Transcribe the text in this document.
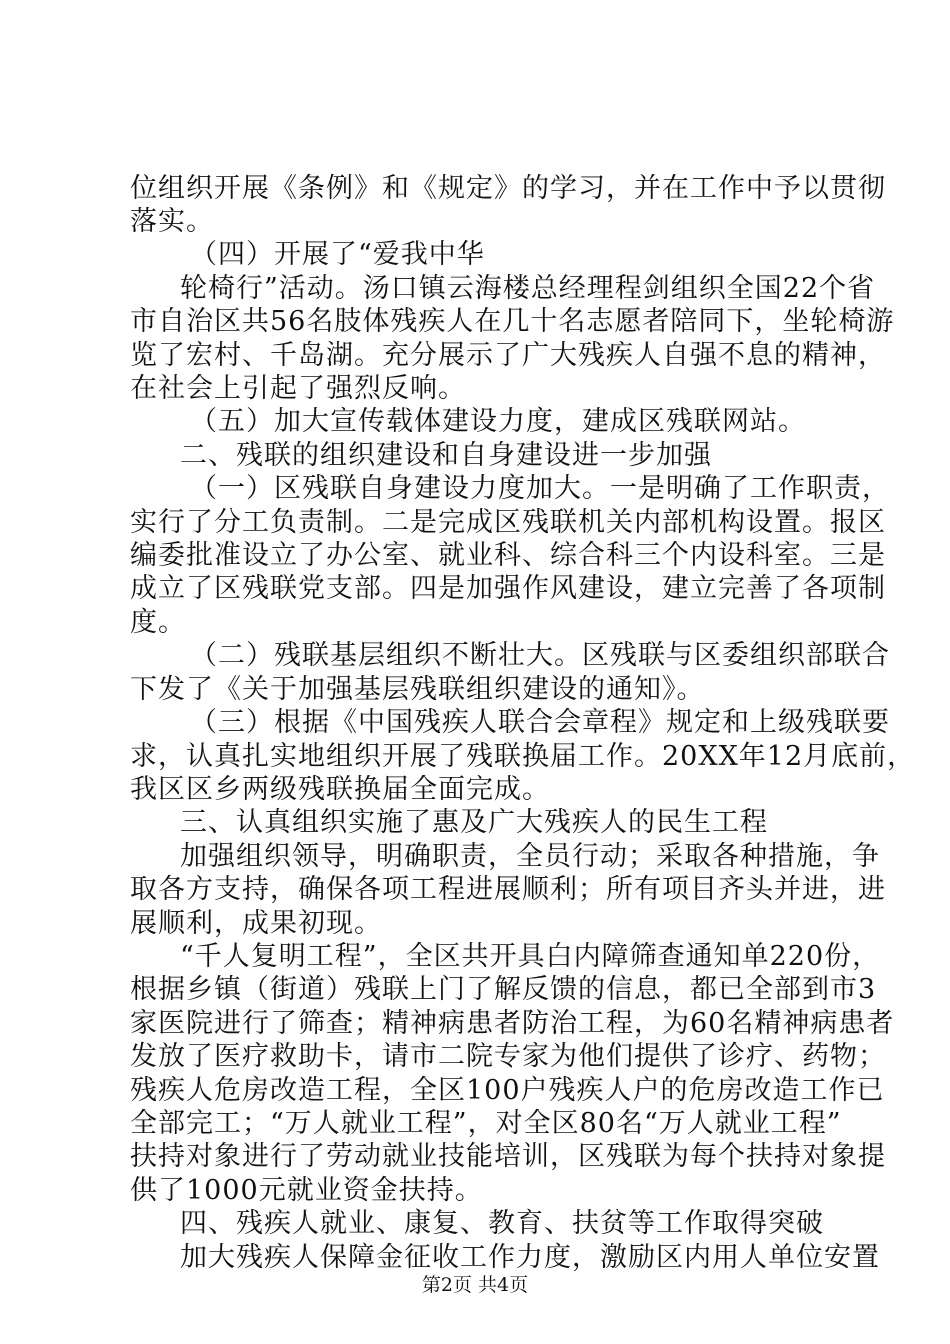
位组织开展《条例》和《规定》的学习，并在工作中予以贯彻
落实。
（四）开展了“爱我中华
轮椅行”活动。汤口镇云海楼总经理程剑组织全国22个省
市自治区共56名肢体残疾人在几十名志愿者陪同下，坐轮椅游
览了宏村、千岛湖。充分展示了广大残疾人自强不息的精神，
在社会上引起了强烈反响。
（五）加大宣传载体建设力度，建成区残联网站。
二、残联的组织建设和自身建设进一步加强
（一）区残联自身建设力度加大。一是明确了工作职责，
实行了分工负责制。二是完成区残联机关内部机构设置。报区
编委批准设立了办公室、就业科、综合科三个内设科室。三是
成立了区残联党支部。四是加强作风建设，建立完善了各项制
度。
（二）残联基层组织不断壮大。区残联与区委组织部联合
下发了《关于加强基层残联组织建设的通知》。
（三）根据《中国残疾人联合会章程》规定和上级残联要
求，认真扎实地组织开展了残联换届工作。20XX年12月底前，
我区区乡两级残联换届全面完成。
三、认真组织实施了惠及广大残疾人的民生工程
加强组织领导，明确职责，全员行动；采取各种措施，争
取各方支持，确保各项工程进展顺利；所有项目齐头并进，进
展顺利，成果初现。
“千人复明工程”，全区共开具白内障筛查通知单220份，
根据乡镇（街道）残联上门了解反馈的信息，都已全部到市3
家医院进行了筛查；精神病患者防治工程，为60名精神病患者
发放了医疗救助卡，请市二院专家为他们提供了诊疗、药物；
残疾人危房改造工程，全区100户残疾人户的危房改造工作已
全部完工；“万人就业工程”，对全区80名“万人就业工程”
扶持对象进行了劳动就业技能培训，区残联为每个扶持对象提
供了1000元就业资金扶持。
四、残疾人就业、康复、教育、扶贫等工作取得突破
加大残疾人保障金征收工作力度，激励区内用人单位安置
第2页 共4页
